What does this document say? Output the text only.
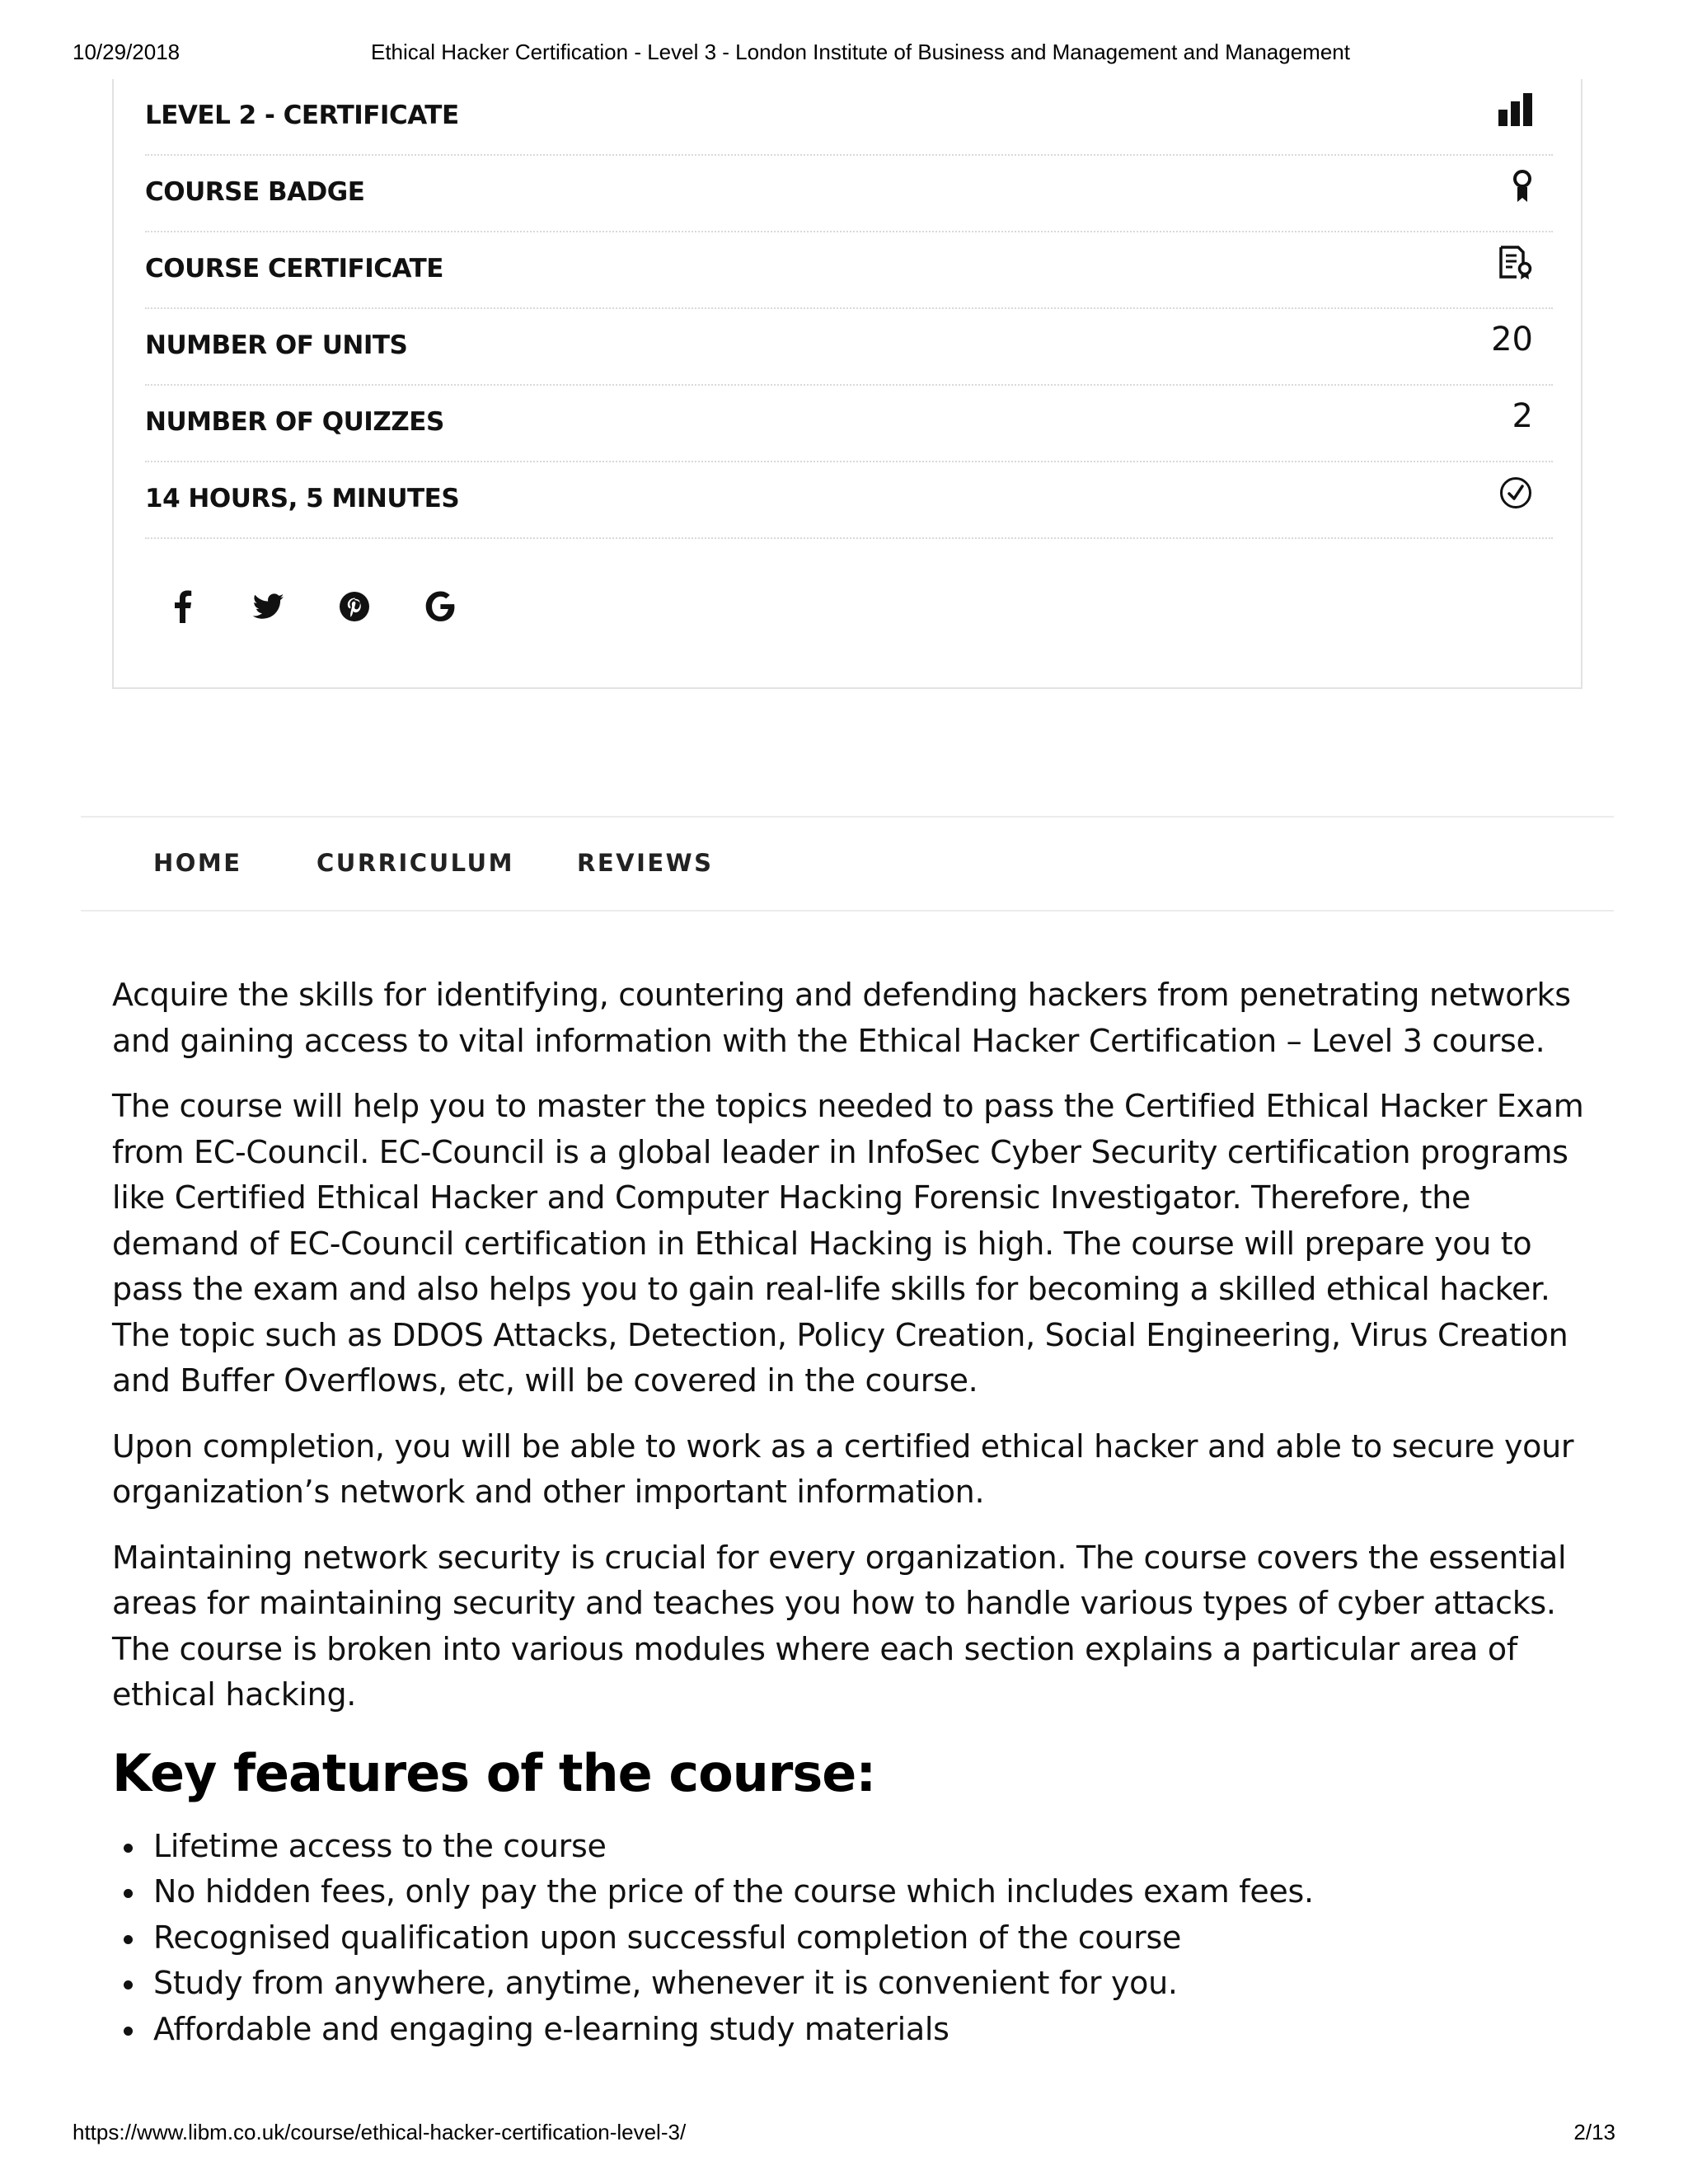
10/29/2018	Ethical Hacker Certification - Level 3 - London Institute of Business and Management and Management
LEVEL 2 - CERTIFICATE
COURSE BADGE
COURSE CERTIFICATE
NUMBER OF UNITS	20
NUMBER OF QUIZZES	2
14 HOURS, 5 MINUTES
HOME	CURRICULUM	REVIEWS

Acquire the skills for identifying, countering and defending hackers from penetrating networks and gaining access to vital information with the Ethical Hacker Certification – Level 3 course.

The course will help you to master the topics needed to pass the Certified Ethical Hacker Exam from EC-Council. EC-Council is a global leader in InfoSec Cyber Security certification programs like Certified Ethical Hacker and Computer Hacking Forensic Investigator. Therefore, the demand of EC-Council certification in Ethical Hacking is high. The course will prepare you to pass the exam and also helps you to gain real-life skills for becoming a skilled ethical hacker. The topic such as DDOS Attacks, Detection, Policy Creation, Social Engineering, Virus Creation and Buffer Overflows, etc, will be covered in the course.

Upon completion, you will be able to work as a certified ethical hacker and able to secure your organization’s network and other important information.

Maintaining network security is crucial for every organization. The course covers the essential areas for maintaining security and teaches you how to handle various types of cyber attacks. The course is broken into various modules where each section explains a particular area of ethical hacking.

Key features of the course:
Lifetime access to the course
No hidden fees, only pay the price of the course which includes exam fees.
Recognised qualification upon successful completion of the course
Study from anywhere, anytime, whenever it is convenient for you.
Affordable and engaging e-learning study materials
https://www.libm.co.uk/course/ethical-hacker-certification-level-3/	2/13
